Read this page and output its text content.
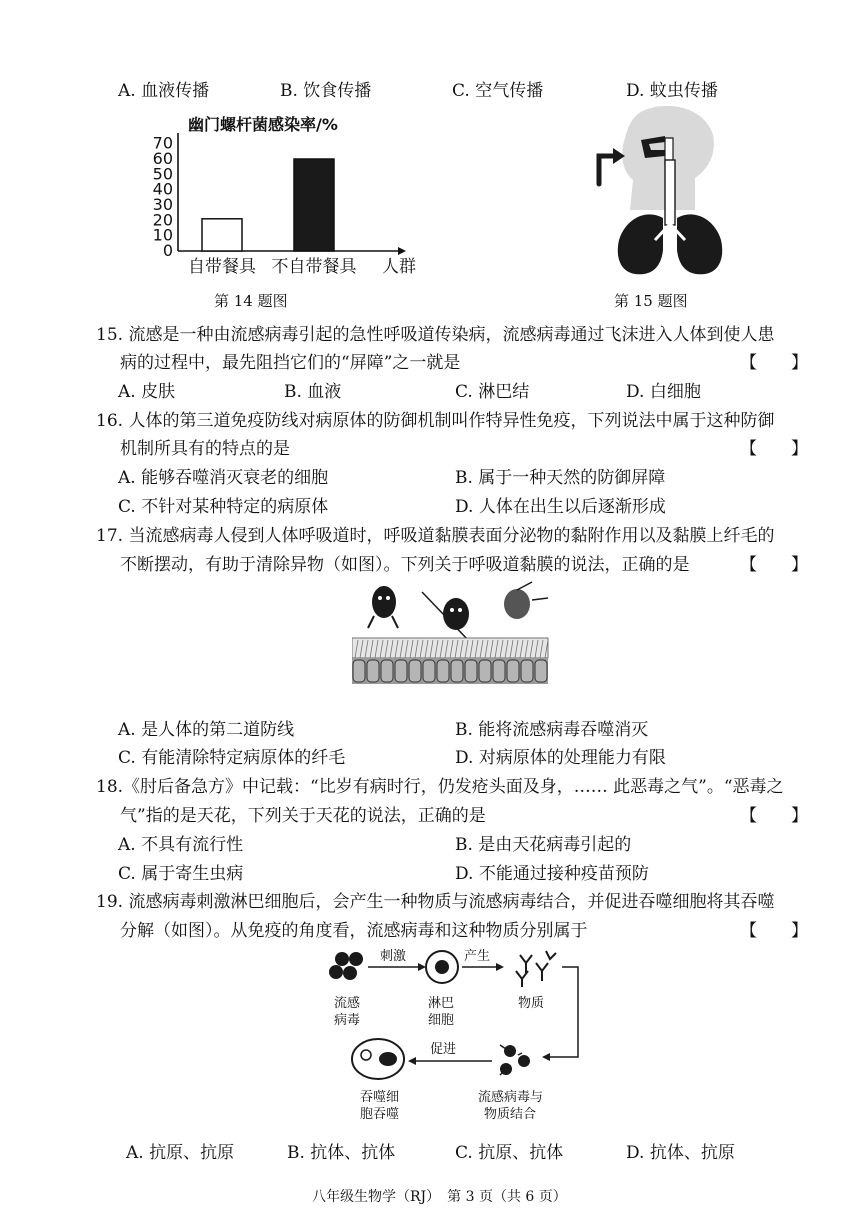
A. 血液传播	B. 饮食传播	C. 空气传播	D. 蚊虫传播
幽门螺杆菌感染率/%
0
10
20
30
40
50
60
70
自带餐具 不自带餐具 人群
第 14 题图	第 15 题图
15. 流感是一种由流感病毒引起的急性呼吸道传染病，流感病毒通过飞沫进入人体到使人患
病的过程中，最先阻挡它们的“屏障”之一就是	【　　】
A. 皮肤	B. 血液	C. 淋巴结	D. 白细胞
16. 人体的第三道免疫防线对病原体的防御机制叫作特异性免疫，下列说法中属于这种防御
机制所具有的特点的是	【　　】
A. 能够吞噬消灭衰老的细胞	B. 属于一种天然的防御屏障
C. 不针对某种特定的病原体	D. 人体在出生以后逐渐形成
17. 当流感病毒人侵到人体呼吸道时，呼吸道黏膜表面分泌物的黏附作用以及黏膜上纤毛的
不断摆动，有助于清除异物（如图）。下列关于呼吸道黏膜的说法，正确的是	【　　】
A. 是人体的第二道防线	B. 能将流感病毒吞噬消灭
C. 有能清除特定病原体的纤毛	D. 对病原体的处理能力有限
18.《肘后备急方》中记载：“比岁有病时行，仍发疮头面及身，…… 此恶毒之气”。“恶毒之
气”指的是天花，下列关于天花的说法，正确的是	【　　】
A. 不具有流行性	B. 是由天花病毒引起的
C. 属于寄生虫病	D. 不能通过接种疫苗预防
19. 流感病毒刺激淋巴细胞后，会产生一种物质与流感病毒结合，并促进吞噬细胞将其吞噬
分解（如图）。从免疫的角度看，流感病毒和这种物质分别属于	【　　】
刺激	产生
促进
流感
病毒
淋巴
细胞
物质
流感病毒与
物质结合
吞噬细
胞吞噬
A. 抗原、抗原	B. 抗体、抗体	C. 抗原、抗体	D. 抗体、抗原
八年级生物学（RJ）　第 3 页（共 6 页）
